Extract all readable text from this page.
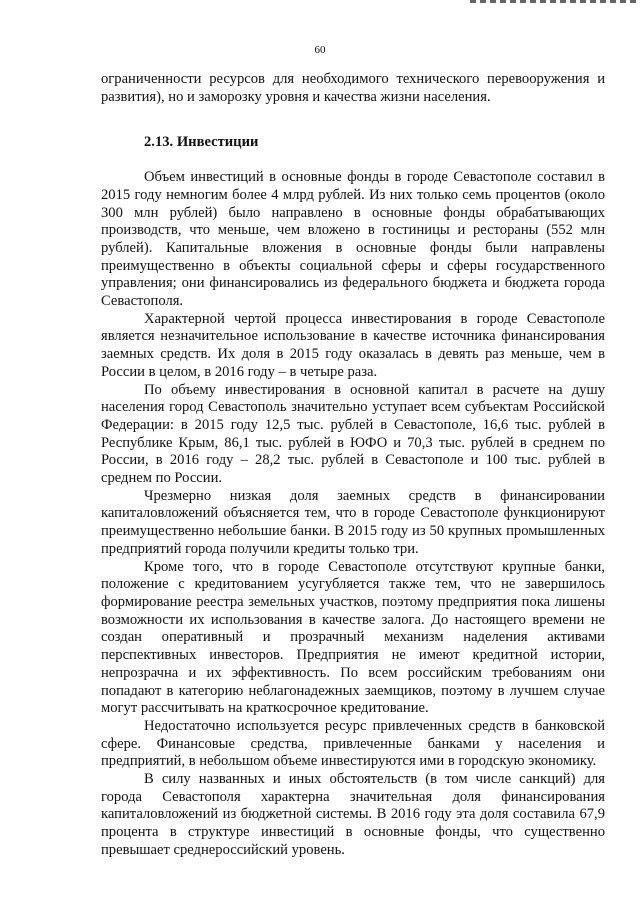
60

ограниченности ресурсов для необходимого технического перевооружения и развития), но и заморозку уровня и качества жизни населения.

2.13. Инвестиции

Объем инвестиций в основные фонды в городе Севастополе составил в 2015 году немногим более 4 млрд рублей. Из них только семь процентов (около 300 млн рублей) было направлено в основные фонды обрабатывающих производств, что меньше, чем вложено в гостиницы и рестораны (552 млн рублей). Капитальные вложения в основные фонды были направлены преимущественно в объекты социальной сферы и сферы государственного управления; они финансировались из федерального бюджета и бюджета города Севастополя.

Характерной чертой процесса инвестирования в городе Севастополе является незначительное использование в качестве источника финансирования заемных средств. Их доля в 2015 году оказалась в девять раз меньше, чем в России в целом, в 2016 году – в четыре раза.

По объему инвестирования в основной капитал в расчете на душу населения город Севастополь значительно уступает всем субъектам Российской Федерации: в 2015 году 12,5 тыс. рублей в Севастополе, 16,6 тыс. рублей в Республике Крым, 86,1 тыс. рублей в ЮФО и 70,3 тыс. рублей в среднем по России, в 2016 году – 28,2 тыс. рублей в Севастополе и 100 тыс. рублей в среднем по России.

Чрезмерно низкая доля заемных средств в финансировании капиталовложений объясняется тем, что в городе Севастополе функционируют преимущественно небольшие банки. В 2015 году из 50 крупных промышленных предприятий города получили кредиты только три.

Кроме того, что в городе Севастополе отсутствуют крупные банки, положение с кредитованием усугубляется также тем, что не завершилось формирование реестра земельных участков, поэтому предприятия пока лишены возможности их использования в качестве залога. До настоящего времени не создан оперативный и прозрачный механизм наделения активами перспективных инвесторов. Предприятия не имеют кредитной истории, непрозрачна и их эффективность. По всем российским требованиям они попадают в категорию неблагонадежных заемщиков, поэтому в лучшем случае могут рассчитывать на краткосрочное кредитование.

Недостаточно используется ресурс привлеченных средств в банковской сфере. Финансовые средства, привлеченные банками у населения и предприятий, в небольшом объеме инвестируются ими в городскую экономику.

В силу названных и иных обстоятельств (в том числе санкций) для города Севастополя характерна значительная доля финансирования капиталовложений из бюджетной системы. В 2016 году эта доля составила 67,9 процента в структуре инвестиций в основные фонды, что существенно превышает среднероссийский уровень.
